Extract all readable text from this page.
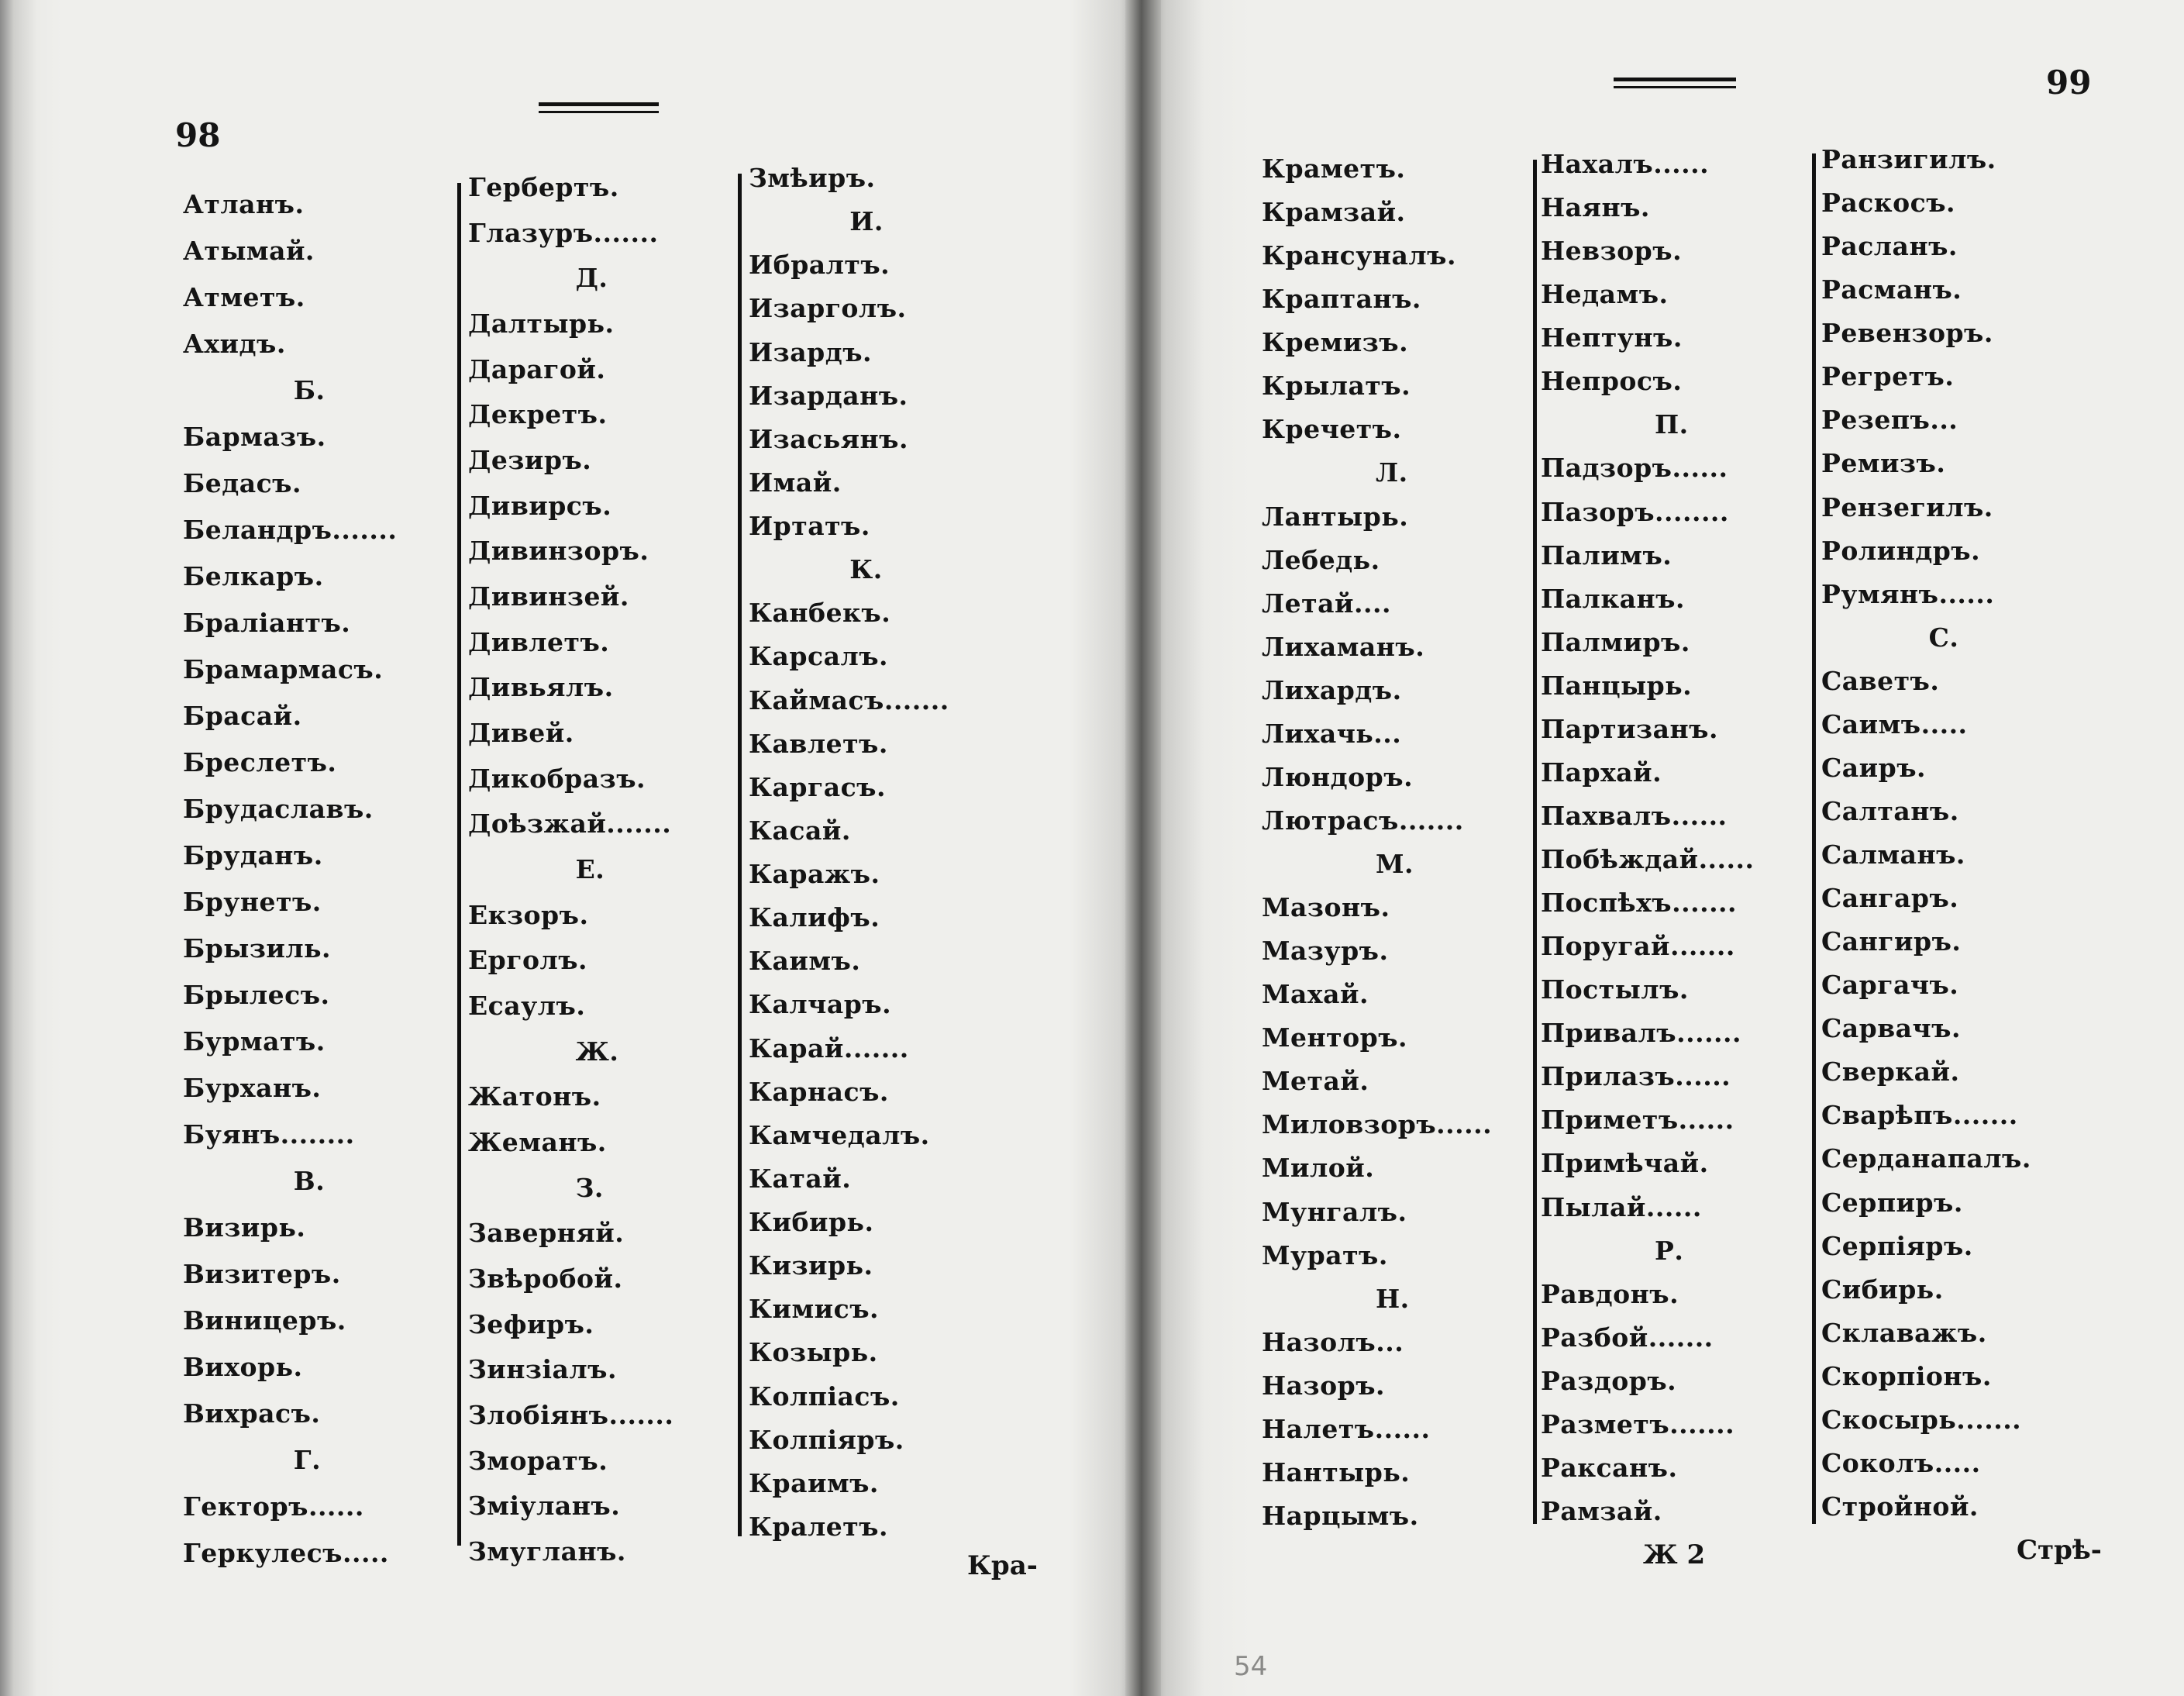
98
Атланъ.
Атымай.
Атметъ.
Ахидъ.
Б.
Бармазъ.
Бедасъ.
Беландръ.......
Белкаръ.
Бралiантъ.
Брамармасъ.
Брасай.
Бреслетъ.
Брудаславъ.
Бруданъ.
Брунетъ.
Брызиль.
Брылесъ.
Бурматъ.
Бурханъ.
Буянъ........
В.
Визирь.
Визитеръ.
Виницеръ.
Вихорь.
Вихрасъ.
Г.
Гекторъ......
Геркулесъ.....
Гербертъ.
Глазуръ.......
Д.
Далтырь.
Дарагой.
Декретъ.
Дезиръ.
Дивирсъ.
Дивинзоръ.
Дивинзей.
Дивлетъ.
Дивьялъ.
Дивей.
Дикобразъ.
Доѣзжай.......
Е.
Екзоръ.
Ерголъ.
Есаулъ.
Ж.
Жатонъ.
Жеманъ.
З.
Заверняй.
Звѣробой.
Зефиръ.
Зинзiалъ.
Злобiянъ.......
Зморатъ.
Змiуланъ.
Змугланъ.
Змѣиръ.
И.
Ибралтъ.
Изарголъ.
Изардъ.
Изарданъ.
Изасьянъ.
Имай.
Иртатъ.
К.
Канбекъ.
Карсалъ.
Каймасъ.......
Кавлетъ.
Каргасъ.
Касай.
Каражъ.
Калифъ.
Каимъ.
Калчаръ.
Карай.......
Карнасъ.
Камчедалъ.
Катай.
Кибирь.
Кизирь.
Кимисъ.
Козырь.
Колпiасъ.
Колпiяръ.
Краимъ.
Кралетъ.
Кра-
99
Краметъ.
Крамзай.
Крансуналъ.
Краптанъ.
Кремизъ.
Крылатъ.
Кречетъ.
Л.
Лантырь.
Лебедь.
Летай....
Лихаманъ.
Лихардъ.
Лихачь...
Люндоръ.
Лютрасъ.......
М.
Мазонъ.
Мазуръ.
Махай.
Менторъ.
Метай.
Миловзоръ......
Милой.
Мунгалъ.
Муратъ.
Н.
Назолъ...
Назоръ.
Налетъ......
Нантырь.
Нарцымъ.
Нахалъ......
Наянъ.
Невзоръ.
Недамъ.
Нептунъ.
Непросъ.
П.
Падзоръ......
Пазоръ........
Палимъ.
Палканъ.
Палмиръ.
Панцырь.
Партизанъ.
Пархай.
Пахвалъ......
Побѣждай......
Поспѣхъ.......
Поругай.......
Постылъ.
Привалъ.......
Прилазъ......
Приметъ......
Примѣчай.
Пылай......
Р.
Равдонъ.
Разбой.......
Раздоръ.
Разметъ.......
Раксанъ.
Рамзай.
Ранзигилъ.
Раскосъ.
Расланъ.
Расманъ.
Ревензоръ.
Регретъ.
Резепъ...
Ремизъ.
Рензегилъ.
Ролиндръ.
Румянъ......
С.
Саветъ.
Саимъ.....
Саиръ.
Салтанъ.
Салманъ.
Сангаръ.
Сангиръ.
Саргачъ.
Сарвачъ.
Сверкай.
Сварѣпъ.......
Серданапалъ.
Серпиръ.
Серпiяръ.
Сибирь.
Склаважъ.
Скорпiонъ.
Скосырь.......
Соколъ.....
Стройной.
Ж 2	Стрѣ-
54
